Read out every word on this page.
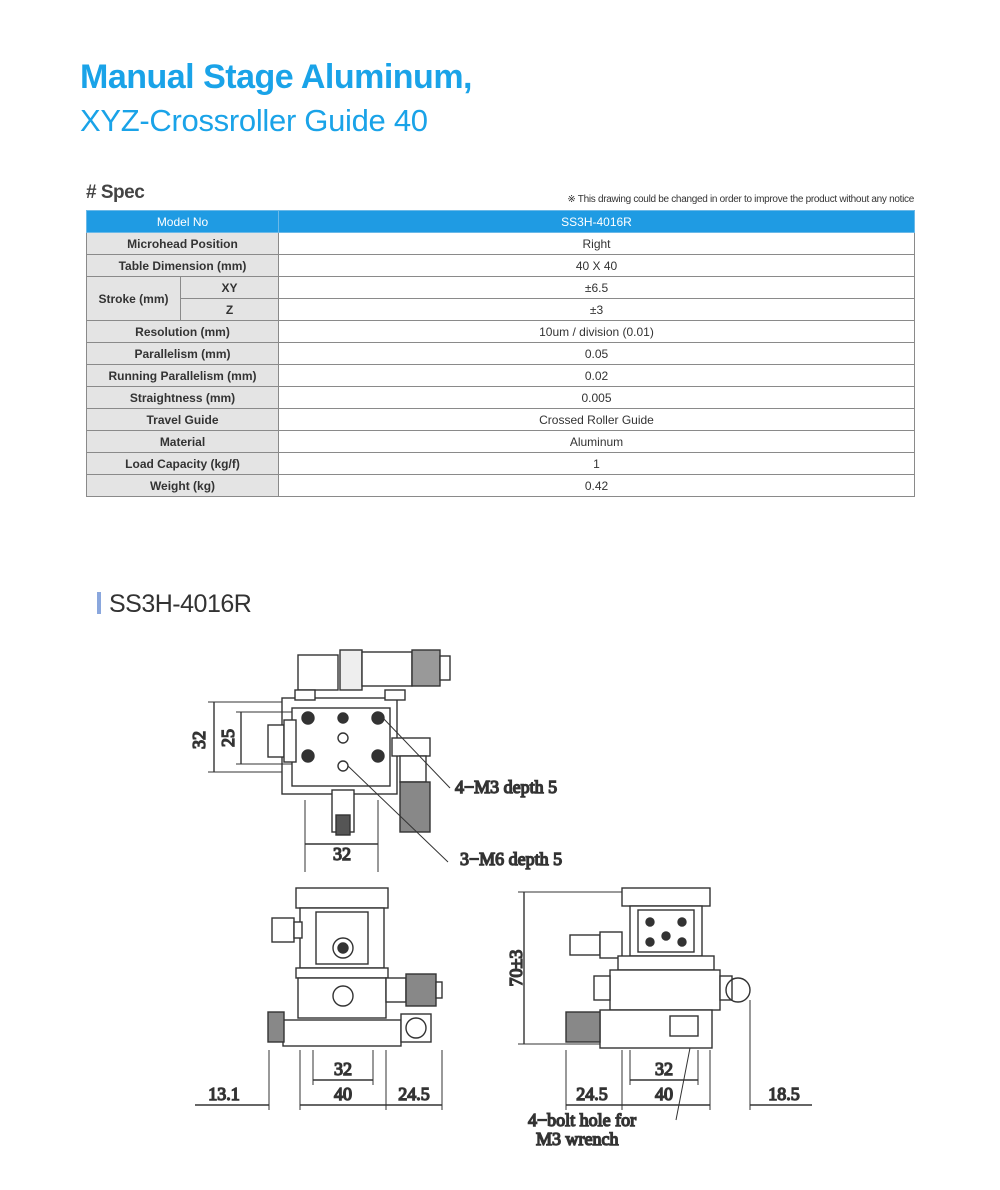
Manual Stage Aluminum,
XYZ-Crossroller Guide 40
# Spec	※ This drawing could be changed in order to improve the product without any notice
Model No		SS3H-4016R
Microhead Position		Right
Table Dimension (mm)		40 X 40
Stroke (mm)	XY	±6.5
	Z	±3
Resolution (mm)		10um / division (0.01)
Parallelism (mm)		0.05
Running Parallelism (mm)		0.02
Straightness (mm)		0.005
Travel Guide		Crossed Roller Guide
Material		Aluminum
Load Capacity (kg/f)		1
Weight (kg)		0.42
SS3H-4016R
32 25
32
4−M3 depth 5
3−M6 depth 5
32
40
13.1	24.5
70±3
32
40
24.5	18.5
4−bolt hole for
M3 wrench
